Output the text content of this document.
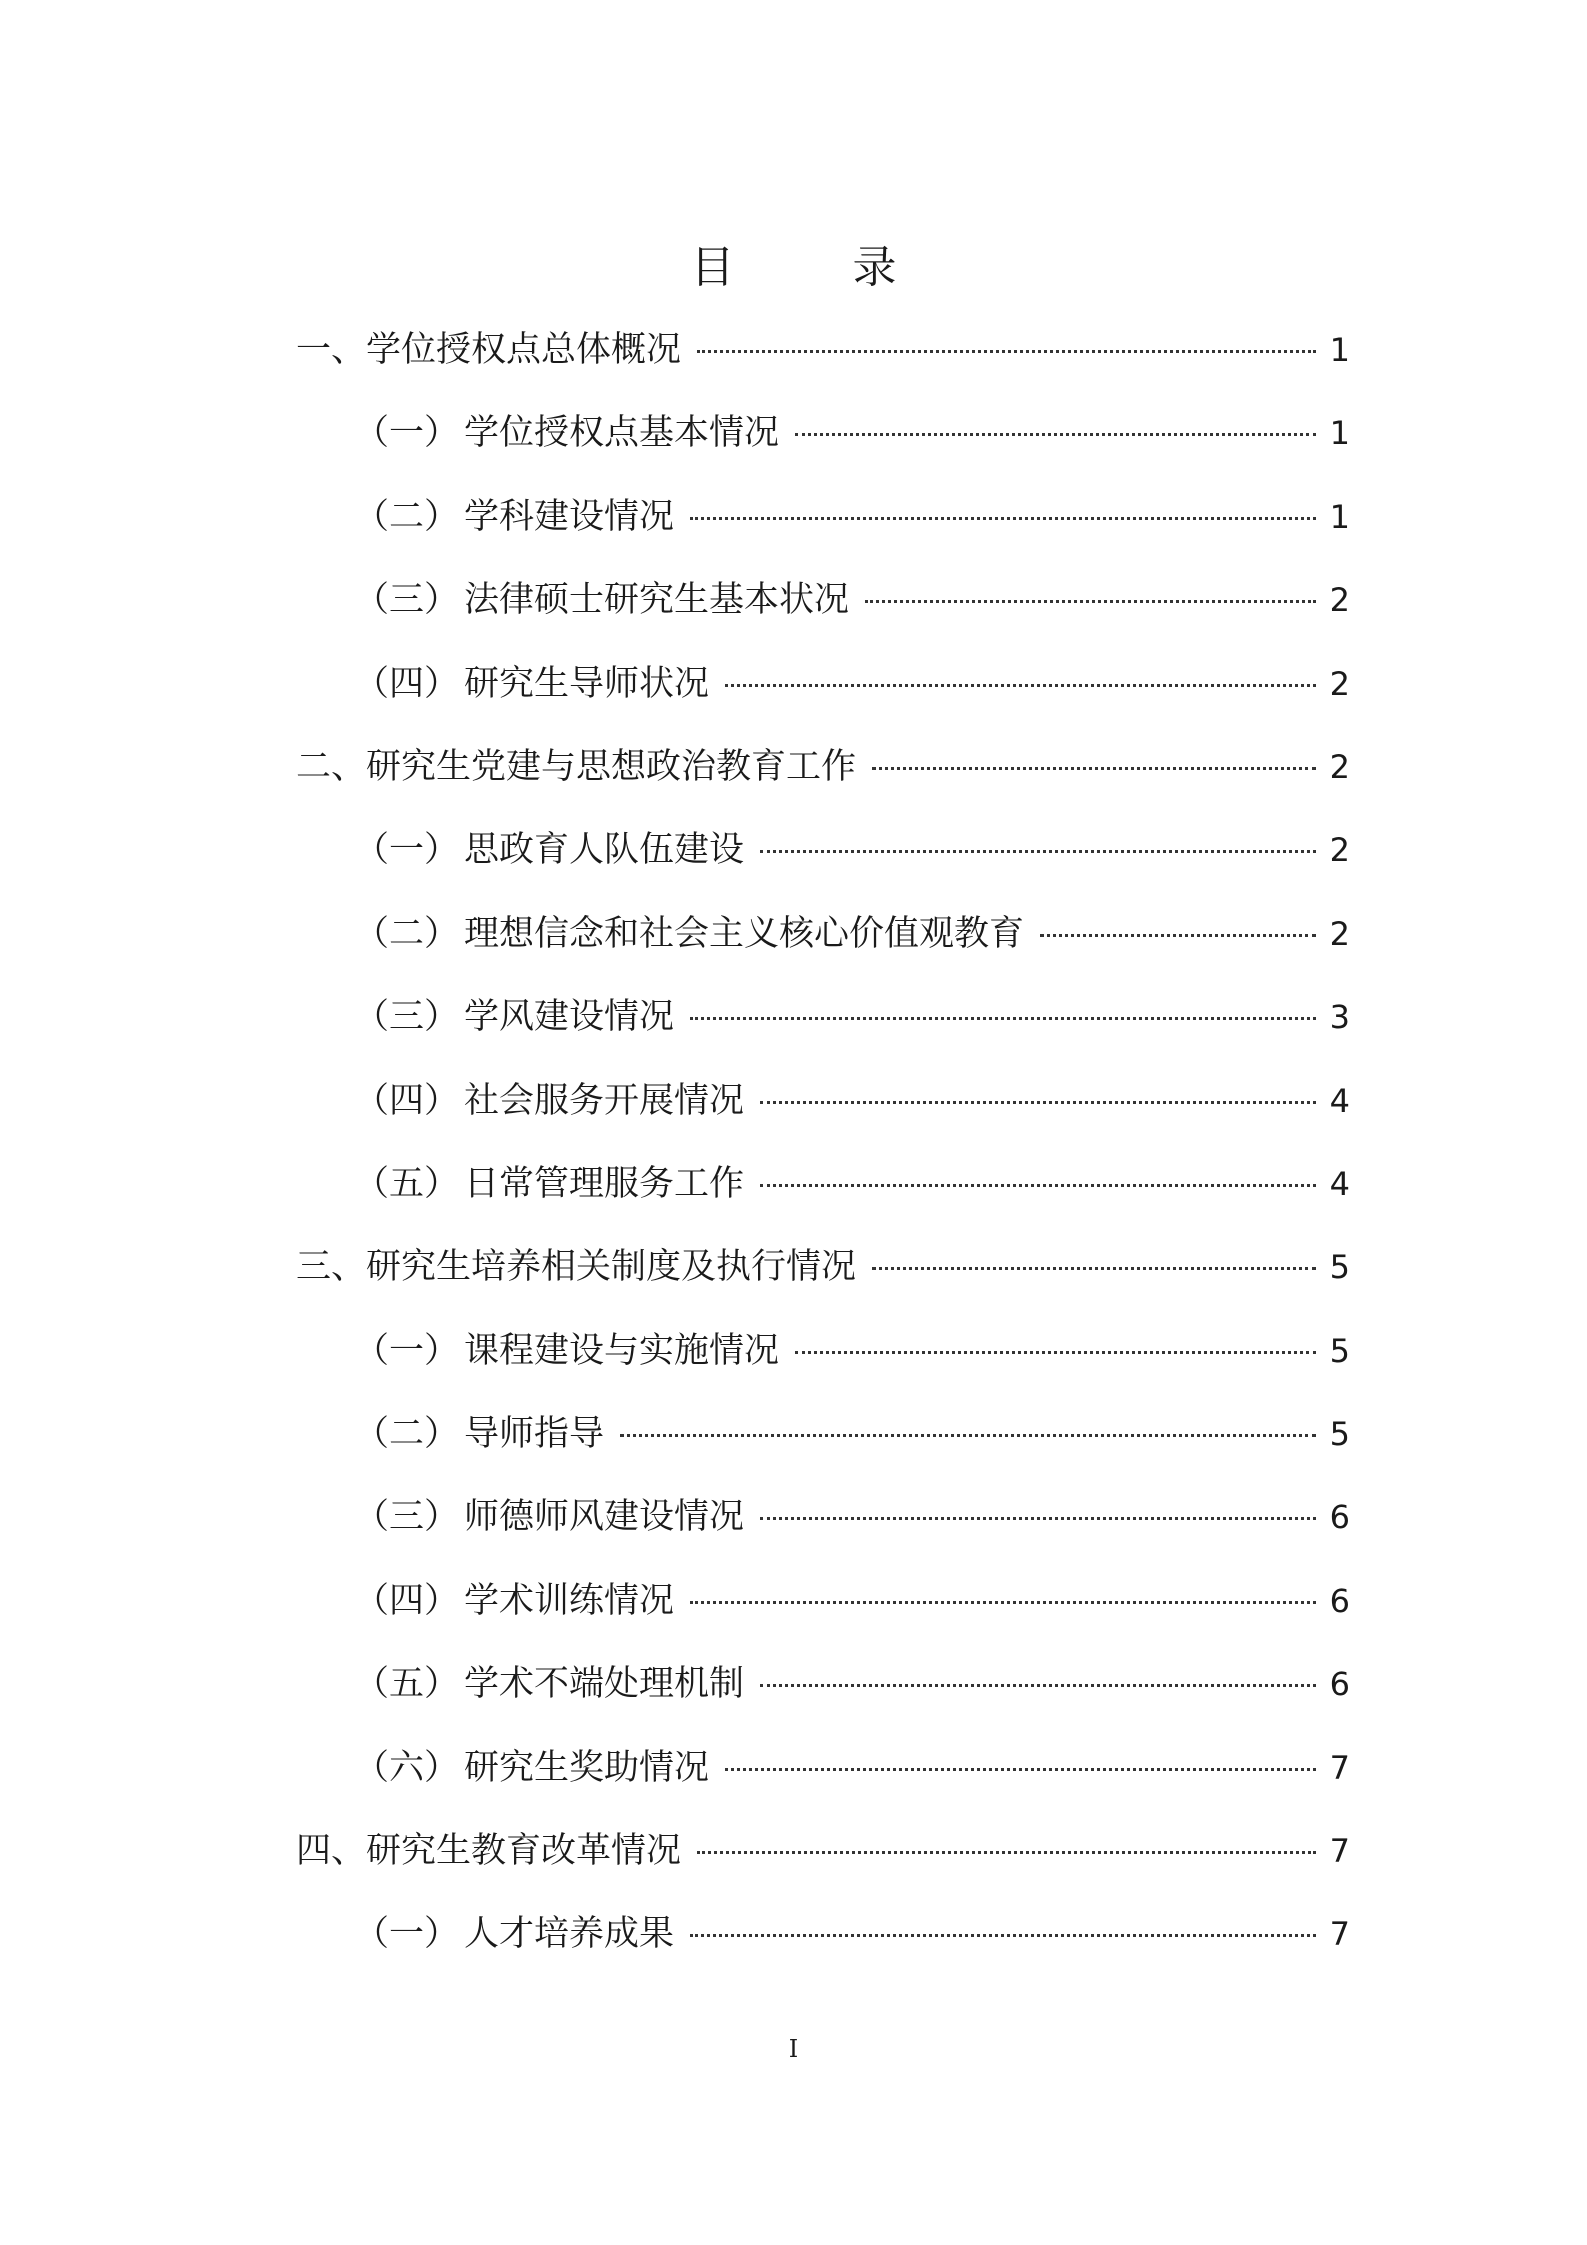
目 录
一、 学位授权点总体概况	1
（一） 学位授权点基本情况	1
（二） 学科建设情况	1
（三） 法律硕士研究生基本状况	2
（四） 研究生导师状况	2
二、 研究生党建与思想政治教育工作	2
（一） 思政育人队伍建设	2
（二） 理想信念和社会主义核心价值观教育	2
（三） 学风建设情况	3
（四） 社会服务开展情况	4
（五） 日常管理服务工作	4
三、 研究生培养相关制度及执行情况	5
（一） 课程建设与实施情况	5
（二） 导师指导	5
（三） 师德师风建设情况	6
（四） 学术训练情况	6
（五） 学术不端处理机制	6
（六） 研究生奖助情况	7
四、 研究生教育改革情况	7
（一） 人才培养成果	7
I
